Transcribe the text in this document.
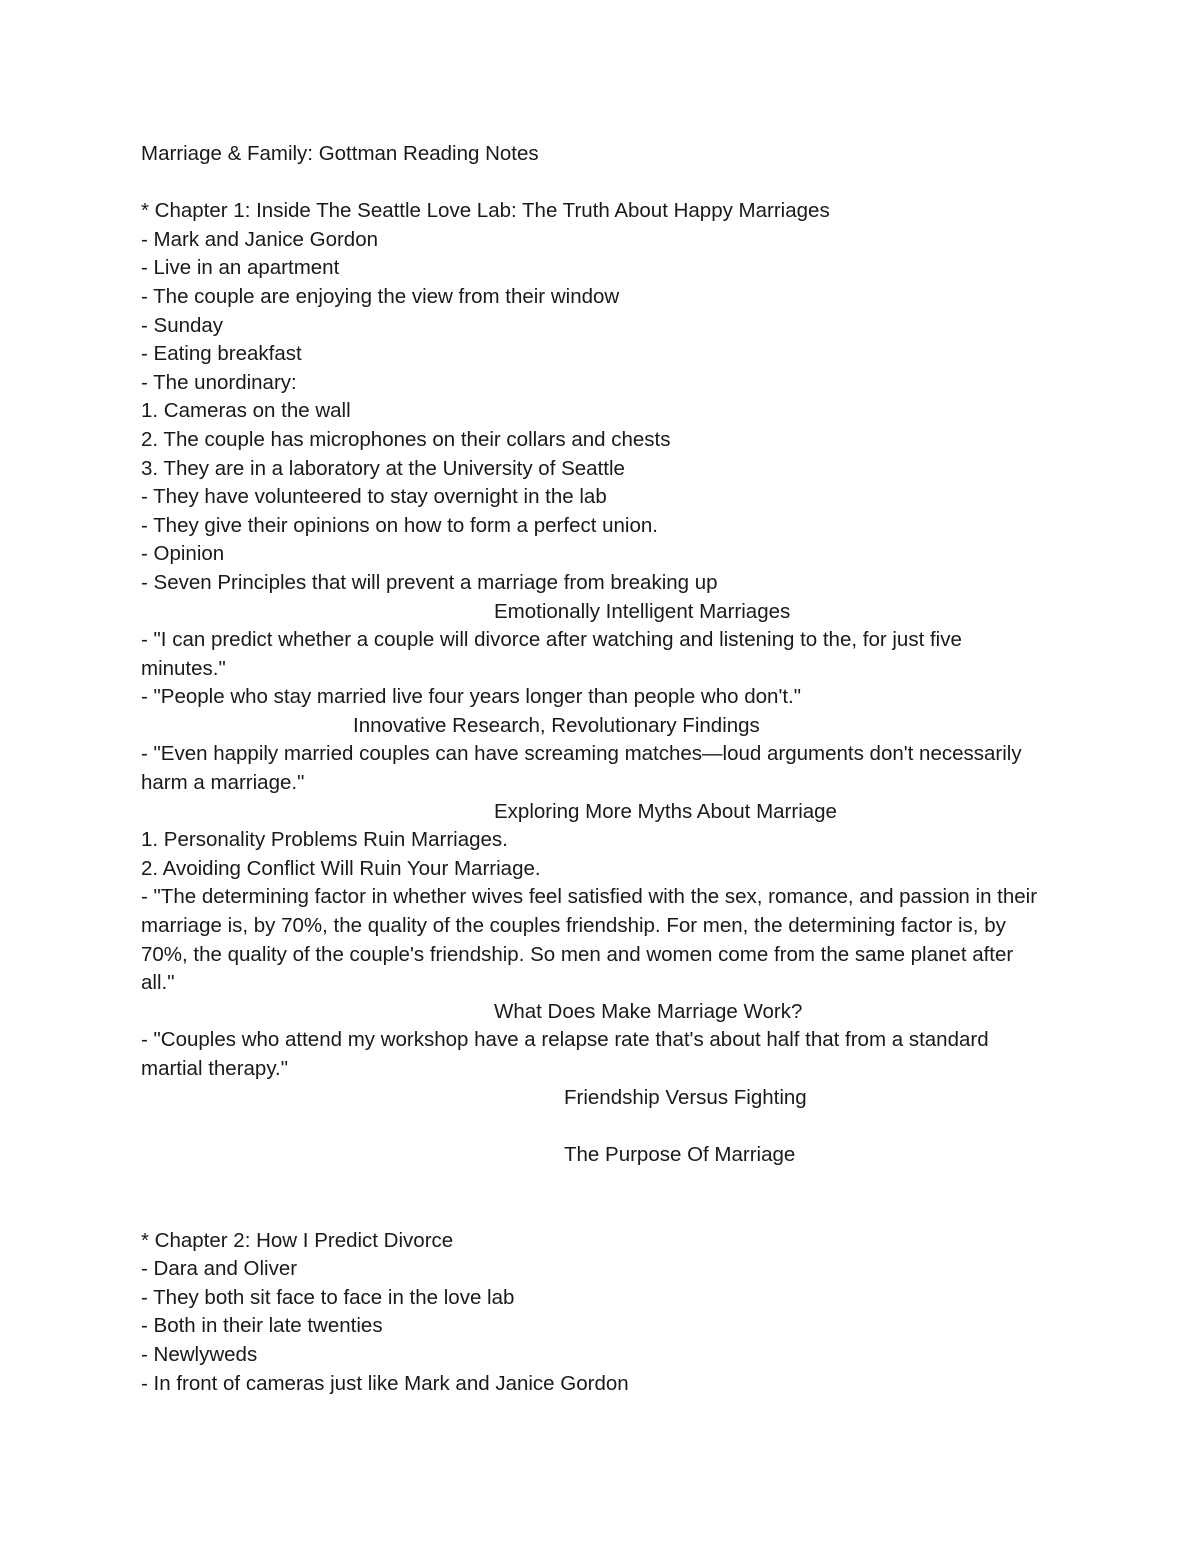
Marriage & Family: Gottman Reading Notes
* Chapter 1: Inside The Seattle Love Lab: The Truth About Happy Marriages
- Mark and Janice Gordon
- Live in an apartment
- The couple are enjoying the view from their window
- Sunday
- Eating breakfast
- The unordinary:
1. Cameras on the wall
2. The couple has microphones on their collars and chests
3. They are in a laboratory at the University of Seattle
- They have volunteered to stay overnight in the lab
- They give their opinions on how to form a perfect union.
- Opinion
- Seven Principles that will prevent a marriage from breaking up
Emotionally Intelligent Marriages
- "I can predict whether a couple will divorce after watching and listening to the, for just five minutes."
- "People who stay married live four years longer than people who don't."
Innovative Research, Revolutionary Findings
- "Even happily married couples can have screaming matches—loud arguments don't necessarily harm a marriage."
Exploring More Myths About Marriage
1. Personality Problems Ruin Marriages.
2. Avoiding Conflict Will Ruin Your Marriage.
- "The determining factor in whether wives feel satisfied with the sex, romance, and passion in their marriage is, by 70%, the quality of the couples friendship. For men, the determining factor is, by 70%, the quality of the couple's friendship. So men and women come from the same planet after all."
What Does Make Marriage Work?
- "Couples who attend my workshop have a relapse rate that's about half that from a standard martial therapy."
Friendship Versus Fighting
The Purpose Of Marriage
* Chapter 2: How I Predict Divorce
- Dara and Oliver
- They both sit face to face in the love lab
- Both in their late twenties
- Newlyweds
- In front of cameras just like Mark and Janice Gordon
